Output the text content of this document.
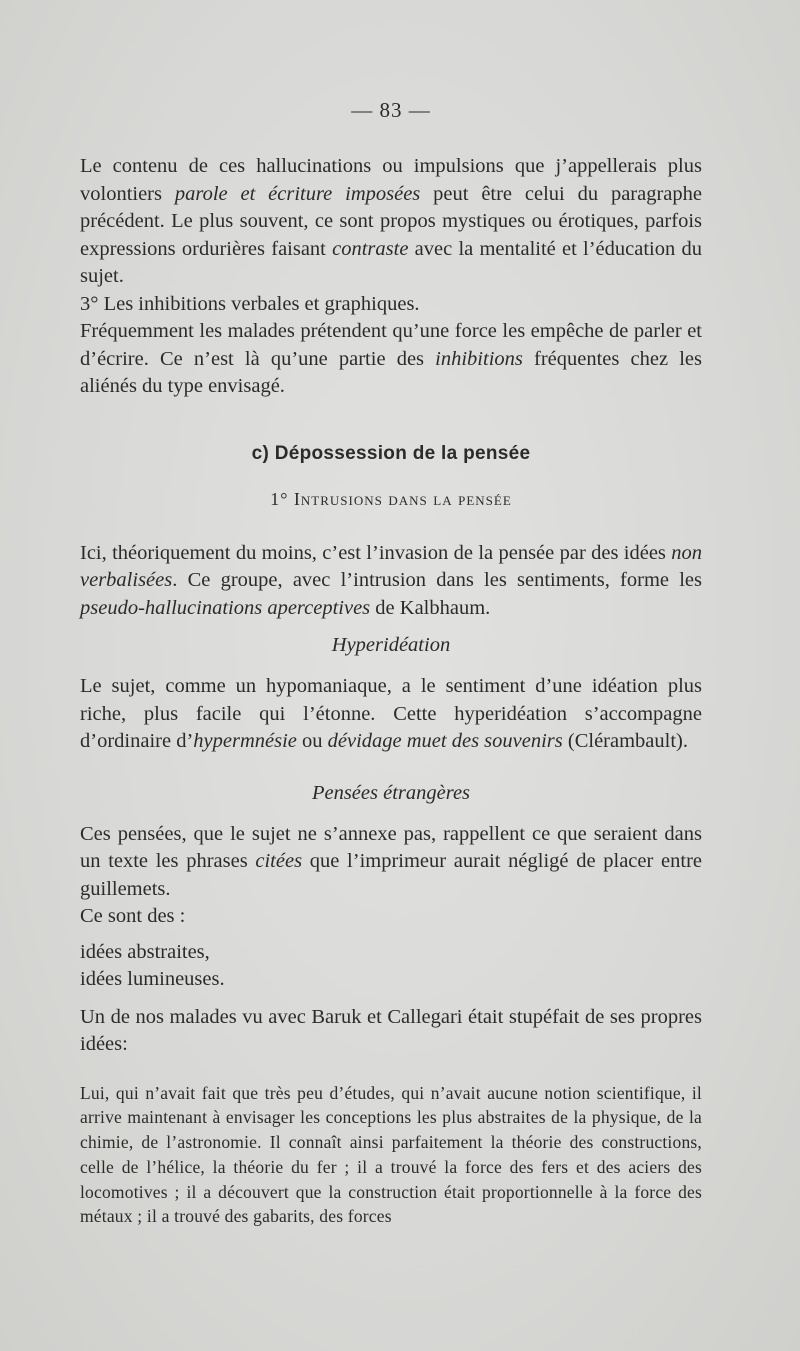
— 83 —

Le contenu de ces hallucinations ou impulsions que j’appellerais plus volontiers parole et écriture imposées peut être celui du paragraphe précédent. Le plus souvent, ce sont propos mystiques ou érotiques, parfois expressions ordurières faisant contraste avec la mentalité et l’éducation du sujet.

3° Les inhibitions verbales et graphiques.

Fréquemment les malades prétendent qu’une force les empêche de parler et d’écrire. Ce n’est là qu’une partie des inhibitions fréquentes chez les aliénés du type envisagé.

c) Dépossession de la pensée
1° Intrusions dans la pensée

Ici, théoriquement du moins, c’est l’invasion de la pensée par des idées non verbalisées. Ce groupe, avec l’intrusion dans les sentiments, forme les pseudo-hallucinations aperceptives de Kalbhaum.

Hyperidéation

Le sujet, comme un hypomaniaque, a le sentiment d’une idéation plus riche, plus facile qui l’étonne. Cette hyperidéation s’accompagne d’ordinaire d’hypermnésie ou dévidage muet des souvenirs (Clérambault).

Pensées étrangères

Ces pensées, que le sujet ne s’annexe pas, rappellent ce que seraient dans un texte les phrases citées que l’imprimeur aurait négligé de placer entre guillemets.

Ce sont des :

idées abstraites,
idées lumineuses.

Un de nos malades vu avec Baruk et Callegari était stupéfait de ses propres idées:

Lui, qui n’avait fait que très peu d’études, qui n’avait aucune notion scientifique, il arrive maintenant à envisager les conceptions les plus abstraites de la physique, de la chimie, de l’astronomie. Il connaît ainsi parfaitement la théorie des constructions, celle de l’hélice, la théorie du fer ; il a trouvé la force des fers et des aciers des locomotives ; il a découvert que la construction était proportionnelle à la force des métaux ; il a trouvé des gabarits, des forces
